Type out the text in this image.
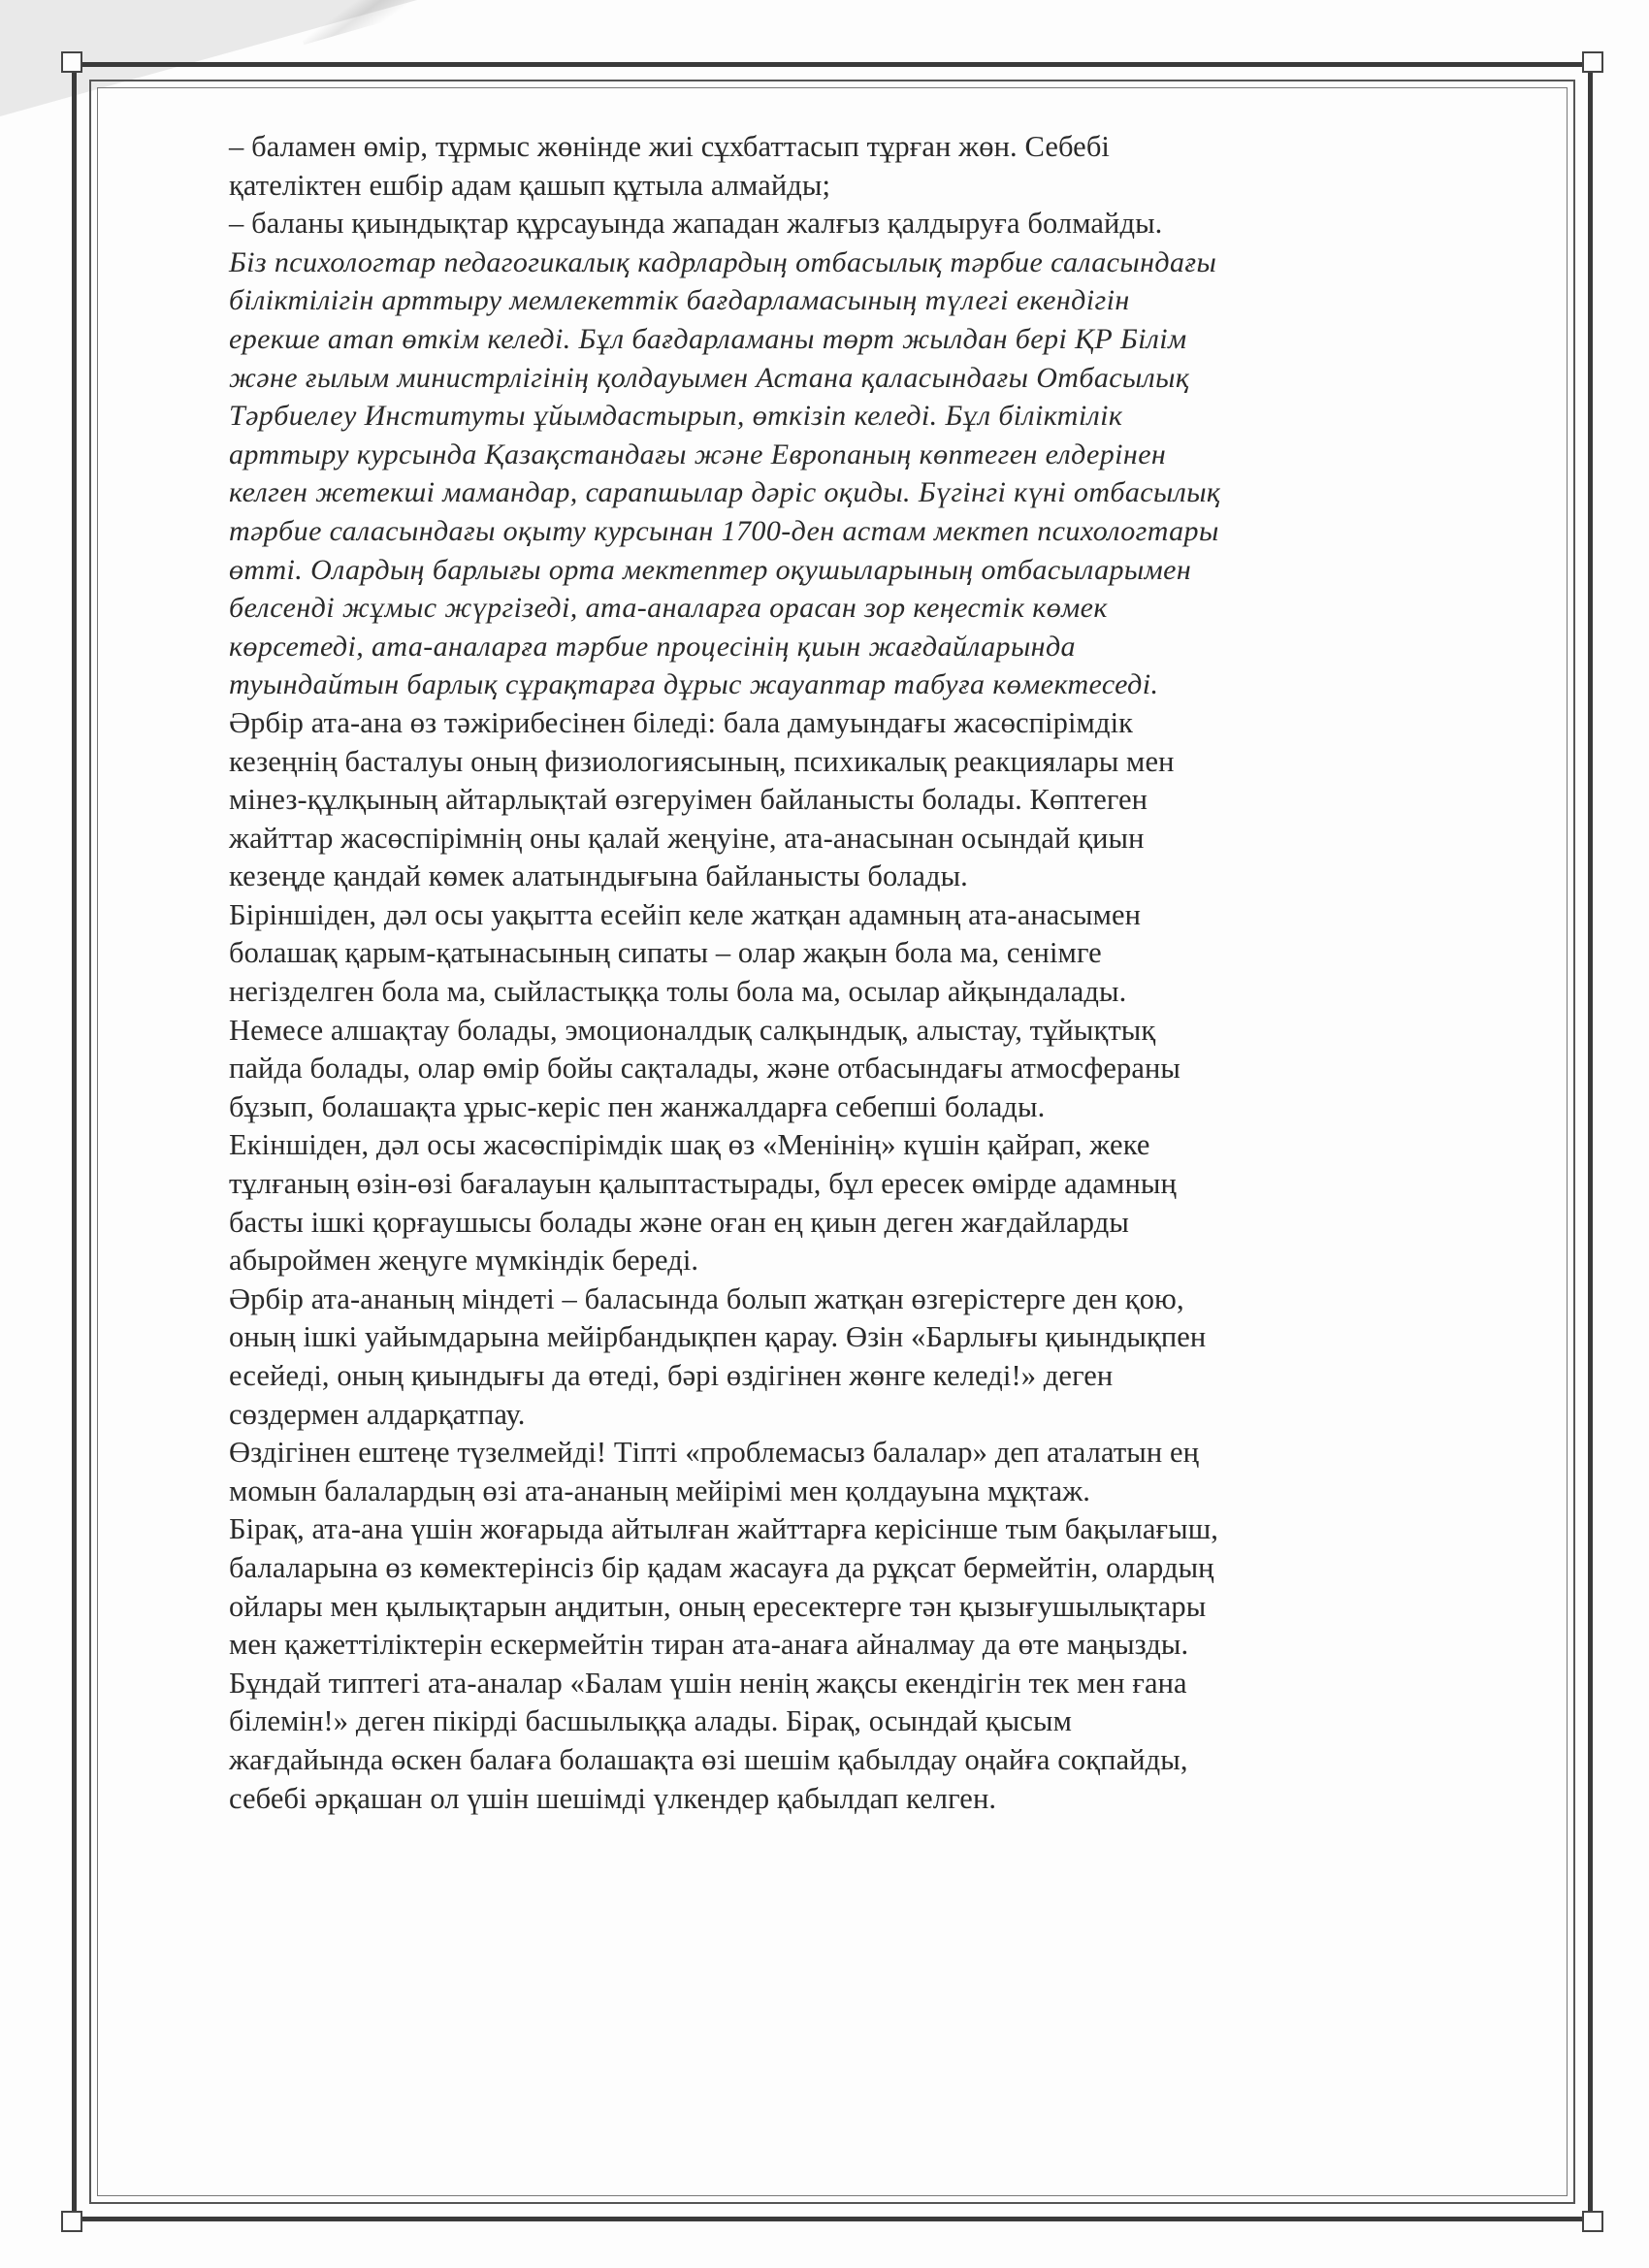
– баламен өмір, тұрмыс жөнінде жиі сұхбаттасып тұрған жөн. Себебі
қателіктен ешбір адам қашып құтыла алмайды;
– баланы қиындықтар құрсауында жападан жалғыз қалдыруға болмайды.
Біз психологтар педагогикалық кадрлардың отбасылық тәрбие саласындағы
біліктілігін арттыру мемлекеттік бағдарламасының түлегі екендігін
ерекше атап өткім келеді. Бұл бағдарламаны төрт жылдан бері ҚР Білім
және ғылым министрлігінің қолдауымен Астана қаласындағы Отбасылық
Тәрбиелеу Институты ұйымдастырып, өткізіп келеді. Бұл біліктілік
арттыру курсында Қазақстандағы және Европаның көптеген елдерінен
келген жетекші мамандар, сарапшылар дәріс оқиды. Бүгінгі күні отбасылық
тәрбие саласындағы оқыту курсынан 1700-ден астам мектеп психологтары
өтті. Олардың барлығы орта мектептер оқушыларының отбасыларымен
белсенді жұмыс жүргізеді, ата-аналарға орасан зор кеңестік көмек
көрсетеді, ата-аналарға тәрбие процесінің қиын жағдайларында
туындайтын барлық сұрақтарға дұрыс жауаптар табуға көмектеседі.
Әрбір ата-ана өз тәжірибесінен біледі: бала дамуындағы жасөспірімдік
кезеңнің басталуы оның физиологиясының, психикалық реакциялары мен
мінез-құлқының айтарлықтай өзгеруімен байланысты болады. Көптеген
жайттар жасөспірімнің оны қалай жеңуіне, ата-анасынан осындай қиын
кезеңде қандай көмек алатындығына байланысты болады.
Біріншіден, дәл осы уақытта есейіп келе жатқан адамның ата-анасымен
болашақ қарым-қатынасының сипаты – олар жақын бола ма, сенімге
негізделген бола ма, сыйластыққа толы бола ма, осылар айқындалады.
Немесе алшақтау болады, эмоционалдық салқындық, алыстау, тұйықтық
пайда болады, олар өмір бойы сақталады, және отбасындағы атмосфераны
бұзып, болашақта ұрыс-керіс пен жанжалдарға себепші болады.
Екіншіден, дәл осы жасөспірімдік шақ өз «Менінің» күшін қайрап, жеке
тұлғаның өзін-өзі бағалауын қалыптастырады, бұл ересек өмірде адамның
басты ішкі қорғаушысы болады және оған ең қиын деген жағдайларды
абыроймен жеңуге мүмкіндік береді.
Әрбір ата-ананың міндеті – баласында болып жатқан өзгерістерге ден қою,
оның ішкі уайымдарына мейірбандықпен қарау. Өзін «Барлығы қиындықпен
есейеді, оның қиындығы да өтеді, бәрі өздігінен жөнге келеді!» деген
сөздермен алдарқатпау.
Өздігінен ештеңе түзелмейді! Тіпті «проблемасыз балалар» деп аталатын ең
момын балалардың өзі ата-ананың мейірімі мен қолдауына мұқтаж.
Бірақ, ата-ана үшін жоғарыда айтылған жайттарға керісінше тым бақылағыш,
балаларына өз көмектерінсіз бір қадам жасауға да рұқсат бермейтін, олардың
ойлары мен қылықтарын аңдитын, оның ересектерге тән қызығушылықтары
мен қажеттіліктерін ескермейтін тиран ата-анаға айналмау да өте маңызды.
Бұндай типтегі ата-аналар «Балам үшін ненің жақсы екендігін тек мен ғана
білемін!» деген пікірді басшылыққа алады. Бірақ, осындай қысым
жағдайында өскен балаға болашақта өзі шешім қабылдау оңайға соқпайды,
себебі әрқашан ол үшін шешімді үлкендер қабылдап келген.
